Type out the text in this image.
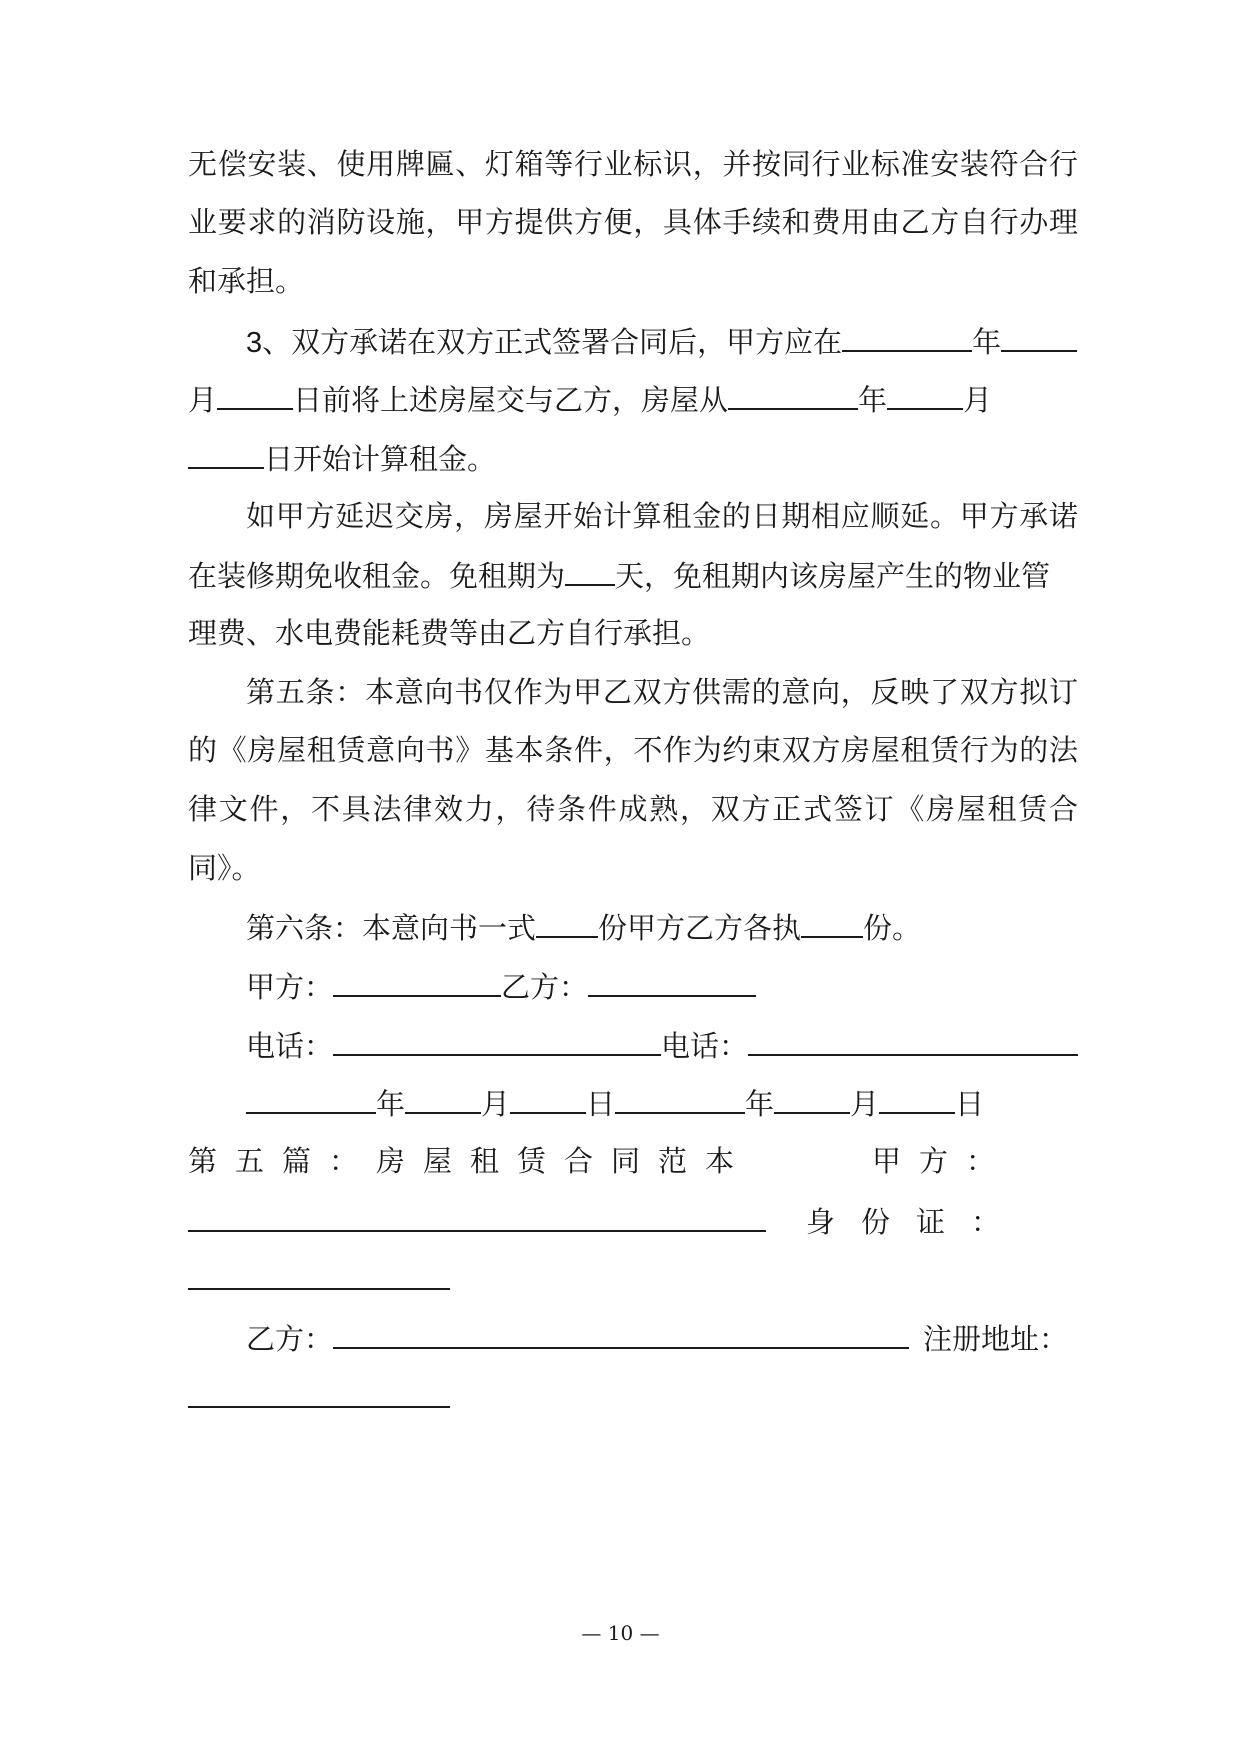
无偿安装、使用牌匾、灯箱等行业标识，并按同行业标准安装符合行

业要求的消防设施，甲方提供方便，具体手续和费用由乙方自行办理

和承担。

3、双方承诺在双方正式签署合同后，甲方应在	年

月	日前将上述房屋交与乙方，房屋从	年	月

日开始计算租金。

如甲方延迟交房，房屋开始计算租金的日期相应顺延。甲方承诺

在装修期免收租金。免租期为 天，免租期内该房屋产生的物业管

理费、水电费能耗费等由乙方自行承担。

第五条：本意向书仅作为甲乙双方供需的意向，反映了双方拟订

的《房屋租赁意向书》基本条件，不作为约束双方房屋租赁行为的法

律文件，不具法律效力，待条件成熟，双方正式签订《房屋租赁合

同》。

第六条：本意向书一式 份甲方乙方各执 份。

甲方：	乙方：

电话：	电话：

年	月	日	年	月	日

第五篇：房屋租赁合同范本	甲方：

身份证：

乙方：	注册地址：

— 10 —
